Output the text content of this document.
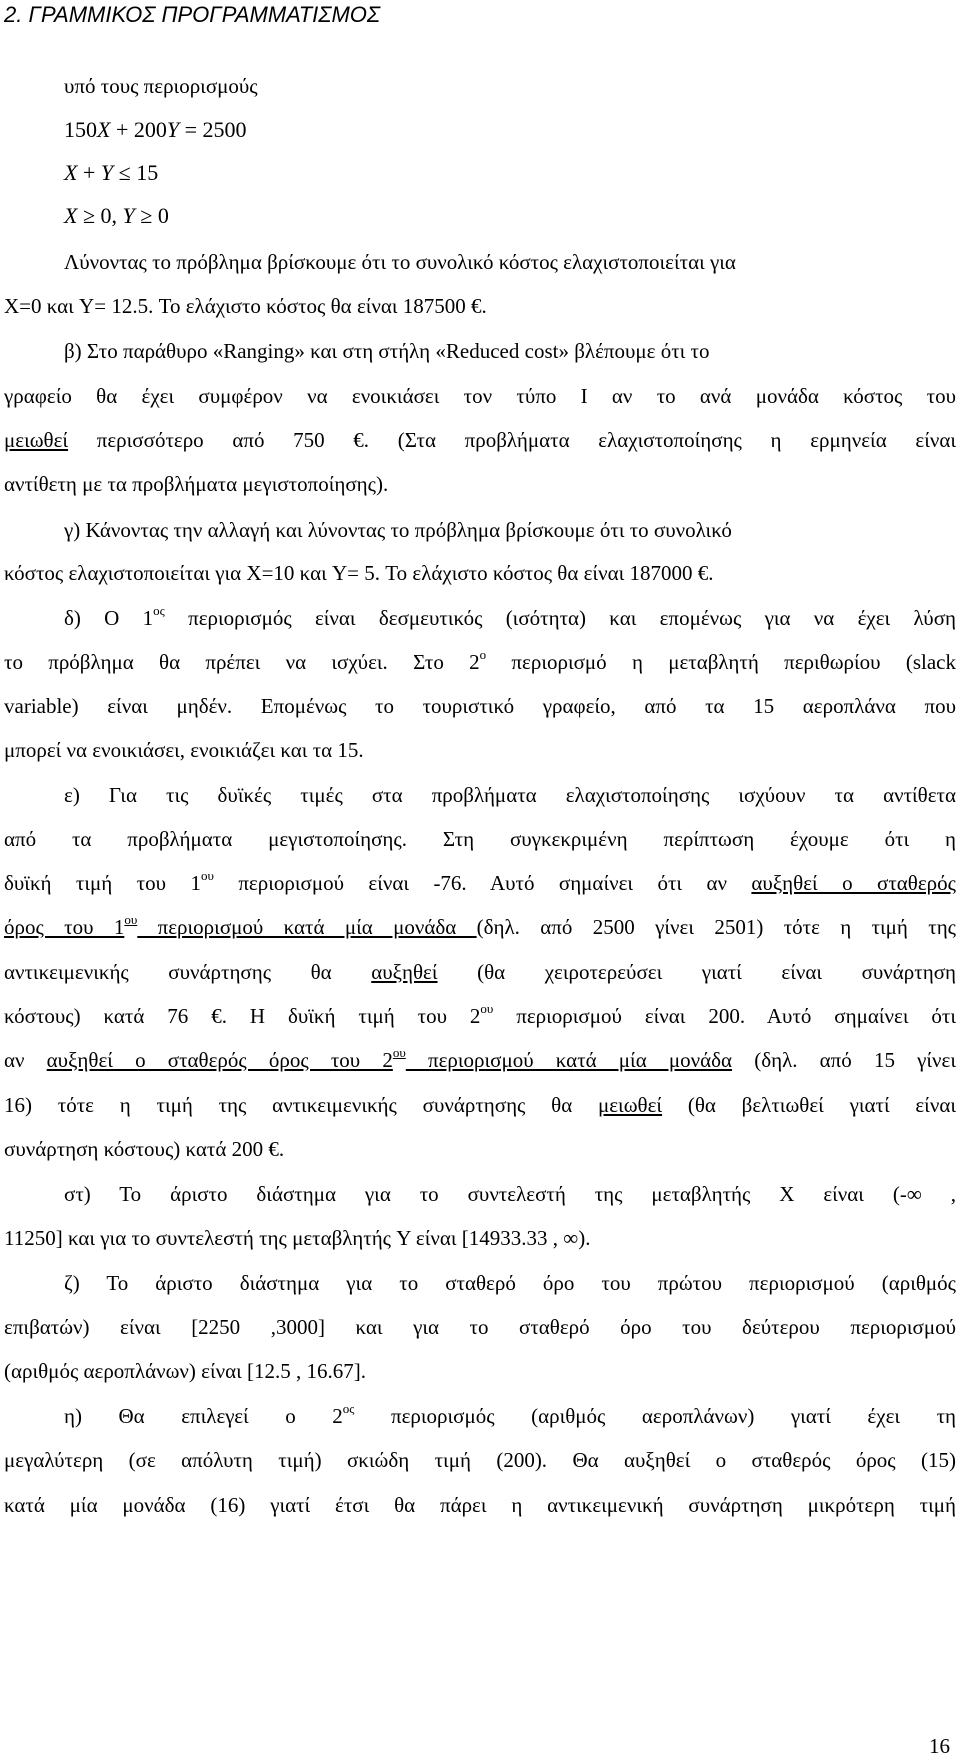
2. ΓΡΑΜΜΙΚΟΣ ΠΡΟΓΡΑΜΜΑΤΙΣΜΟΣ
υπό τους περιορισμούς
150X + 200Y = 2500
X + Y ≤ 15
X ≥ 0, Y ≥ 0
Λύνοντας το πρόβλημα βρίσκουμε ότι το συνολικό κόστος ελαχιστοποιείται για
X=0 και Y= 12.5. Το ελάχιστο κόστος θα είναι 187500 €.
β) Στο παράθυρο «Ranging» και στη στήλη «Reduced cost» βλέπουμε ότι το
γραφείο θα έχει συμφέρον να ενοικιάσει τον τύπο Ι αν το ανά μονάδα κόστος του
μειωθεί περισσότερο από 750 €. (Στα προβλήματα ελαχιστοποίησης η ερμηνεία είναι
αντίθετη με τα προβλήματα μεγιστοποίησης).
γ) Κάνοντας την αλλαγή και λύνοντας το πρόβλημα βρίσκουμε ότι το συνολικό
κόστος ελαχιστοποιείται για X=10 και Y= 5. Το ελάχιστο κόστος θα είναι 187000 €.
δ) Ο $1^{o\varsigma}$ περιορισμός είναι δεσμευτικός (ισότητα) και επομένως για να έχει λύση
το πρόβλημα θα πρέπει να ισχύει. Στο $2^o$ περιορισμό η μεταβλητή περιθωρίου (slack
variable) είναι μηδέν. Επομένως το τουριστικό γραφείο, από τα 15 αεροπλάνα που
μπορεί να ενοικιάσει, ενοικιάζει και τα 15.
ε) Για τις δυϊκές τιμές στα προβλήματα ελαχιστοποίησης ισχύουν τα αντίθετα
από τα προβλήματα μεγιστοποίησης. Στη συγκεκριμένη περίπτωση έχουμε ότι η
δυϊκή τιμή του $1^{o\upsilon}$ περιορισμού είναι -76. Αυτό σημαίνει ότι αν αυξηθεί ο σταθερός
όρος του $1^{o\upsilon}$ περιορισμού κατά μία μονάδα (δηλ. από 2500 γίνει 2501) τότε η τιμή της
αντικειμενικής συνάρτησης θα αυξηθεί (θα χειροτερεύσει γιατί είναι συνάρτηση
κόστους) κατά 76 €. Η δυϊκή τιμή του $2^{o\upsilon}$ περιορισμού είναι 200. Αυτό σημαίνει ότι
αν αυξηθεί ο σταθερός όρος του $2^{o\upsilon}$ περιορισμού κατά μία μονάδα (δηλ. από 15 γίνει
16) τότε η τιμή της αντικειμενικής συνάρτησης θα μειωθεί (θα βελτιωθεί γιατί είναι
συνάρτηση κόστους) κατά 200 €.
στ) Το άριστο διάστημα για το συντελεστή της μεταβλητής X είναι (-∞ ,
11250] και για το συντελεστή της μεταβλητής Y είναι [14933.33 , ∞).
ζ) Το άριστο διάστημα για το σταθερό όρο του πρώτου περιορισμού (αριθμός
επιβατών) είναι [2250 ,3000] και για το σταθερό όρο του δεύτερου περιορισμού
(αριθμός αεροπλάνων) είναι [12.5 , 16.67].
η) Θα επιλεγεί ο $2^{o\varsigma}$ περιορισμός (αριθμός αεροπλάνων) γιατί έχει τη
μεγαλύτερη (σε απόλυτη τιμή) σκιώδη τιμή (200). Θα αυξηθεί ο σταθερός όρος (15)
κατά μία μονάδα (16) γιατί έτσι θα πάρει η αντικειμενική συνάρτηση μικρότερη τιμή
16
